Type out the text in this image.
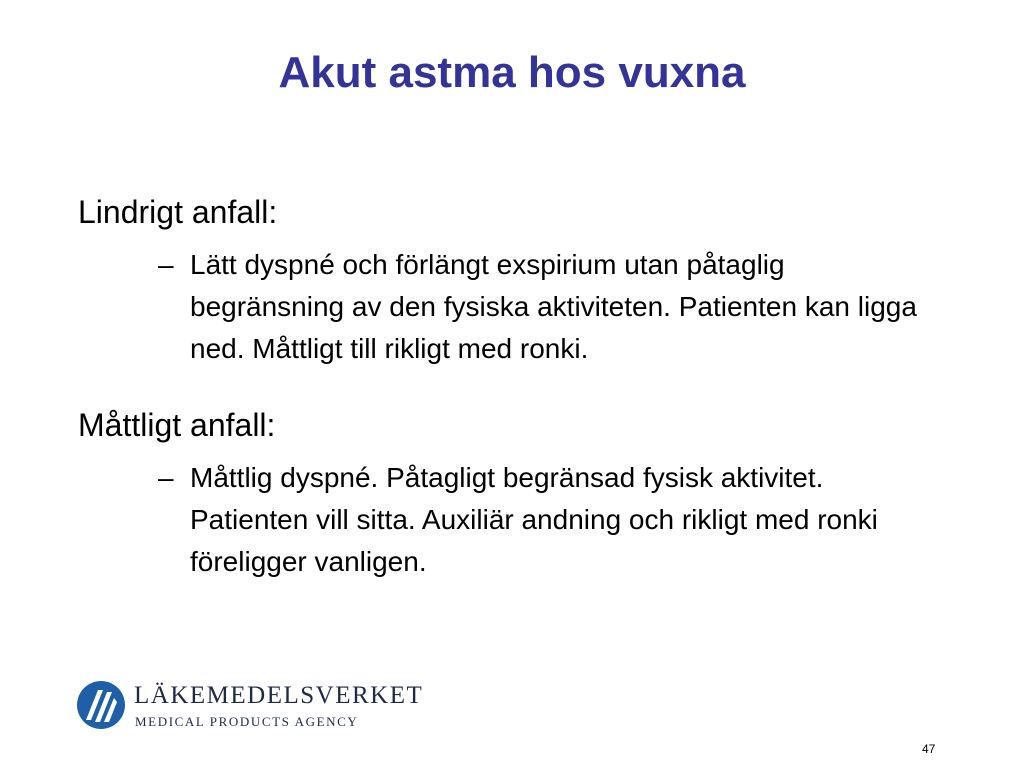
Akut astma hos vuxna
Lindrigt anfall:
– Lätt dyspné och förlängt exspirium utan påtaglig begränsning av den fysiska aktiviteten. Patienten kan ligga ned. Måttligt till rikligt med ronki.
Måttligt anfall:
– Måttlig dyspné. Påtagligt begränsad fysisk aktivitet. Patienten vill sitta. Auxiliär andning och rikligt med ronki föreligger vanligen.
LÄKEMEDELSVERKET
MEDICAL PRODUCTS AGENCY
47
